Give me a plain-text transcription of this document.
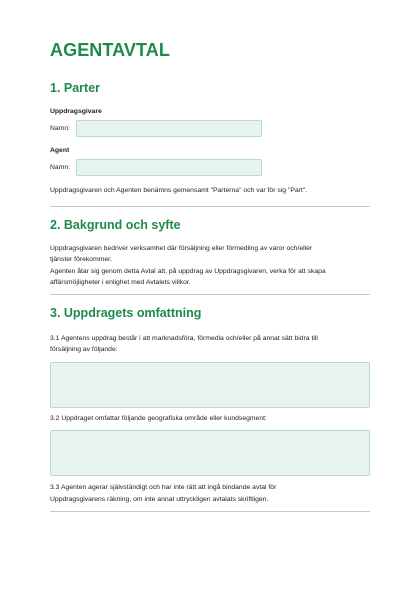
AGENTAVTAL
1. Parter
Uppdragsgivare
Namn:
Agent
Namn:

Uppdragsgivaren och Agenten benämns gemensamt "Parterna" och var för sig "Part".

2. Bakgrund och syfte
Uppdragsgivaren bedriver verksamhet där försäljning eller förmedling av varor och/eller
tjänster förekommer.
Agenten åtar sig genom detta Avtal att, på uppdrag av Uppdragsgivaren, verka för att skapa
affärsmöjligheter i enlighet med Avtalets villkor.
3. Uppdragets omfattning
3.1 Agentens uppdrag består i att marknadsföra, förmedla och/eller på annat sätt bidra till
försäljning av följande:
3.2 Uppdraget omfattar följande geografiska område eller kundsegment:
3.3 Agenten agerar självständigt och har inte rätt att ingå bindande avtal för
Uppdragsgivarens räkning, om inte annat uttryckligen avtalats skriftligen.
